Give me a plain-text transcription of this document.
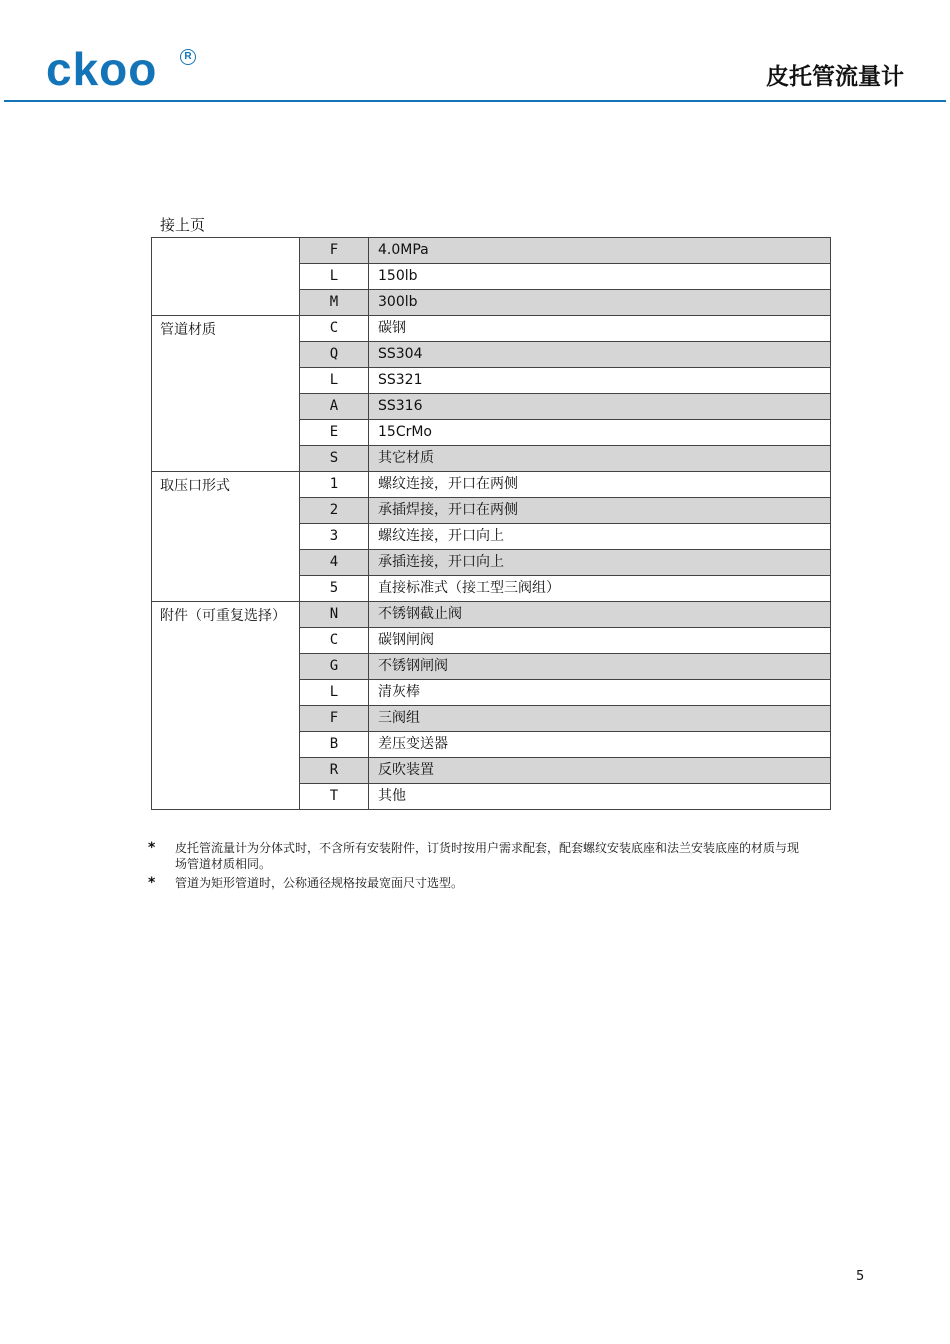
ckoo	R
皮托管流量计
接上页
	F	4.0MPa
	L	150lb
	M	300lb
管道材质	C	碳钢
	Q	SS304
	L	SS321
	A	SS316
	E	15CrMo
	S	其它材质
取压口形式	1	螺纹连接，开口在两侧
	2	承插焊接，开口在两侧
	3	螺纹连接，开口向上
	4	承插连接，开口向上
	5	直接标准式（接工型三阀组）
附件（可重复选择）	N	不锈钢截止阀
	C	碳钢闸阀
	G	不锈钢闸阀
	L	清灰棒
	F	三阀组
	B	差压变送器
	R	反吹装置
	T	其他
*	皮托管流量计为分体式时，不含所有安装附件，订货时按用户需求配套，配套螺纹安装底座和法兰安装底座的材质与现场管道材质相同。
*	管道为矩形管道时，公称通径规格按最宽面尺寸选型。
5
